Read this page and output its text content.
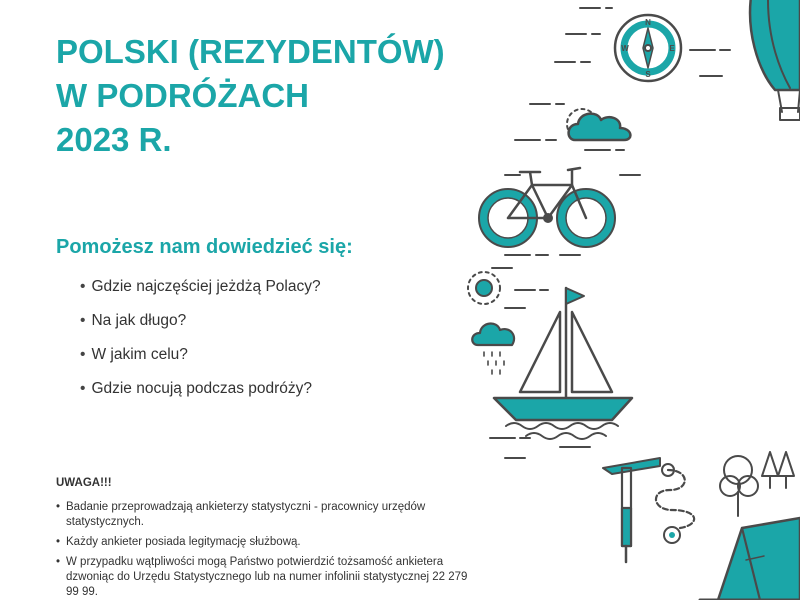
POLSKI (REZYDENTÓW)
W PODRÓŻACH
2023 R.
Pomożesz nam dowiedzieć się:
• Gdzie najczęściej jeżdżą Polacy?
• Na jak długo?
• W jakim celu?
• Gdzie nocują podczas podróży?
UWAGA!!!
• Badanie przeprowadzają ankieterzy statystyczni - pracownicy urzędów statystycznych.
• Każdy ankieter posiada legitymację służbową.
• W przypadku wątpliwości mogą Państwo potwierdzić tożsamość ankietera dzwoniąc do Urzędu Statystycznego lub na numer infolinii statystycznej 22 279 99 99.
N
E
S
W
